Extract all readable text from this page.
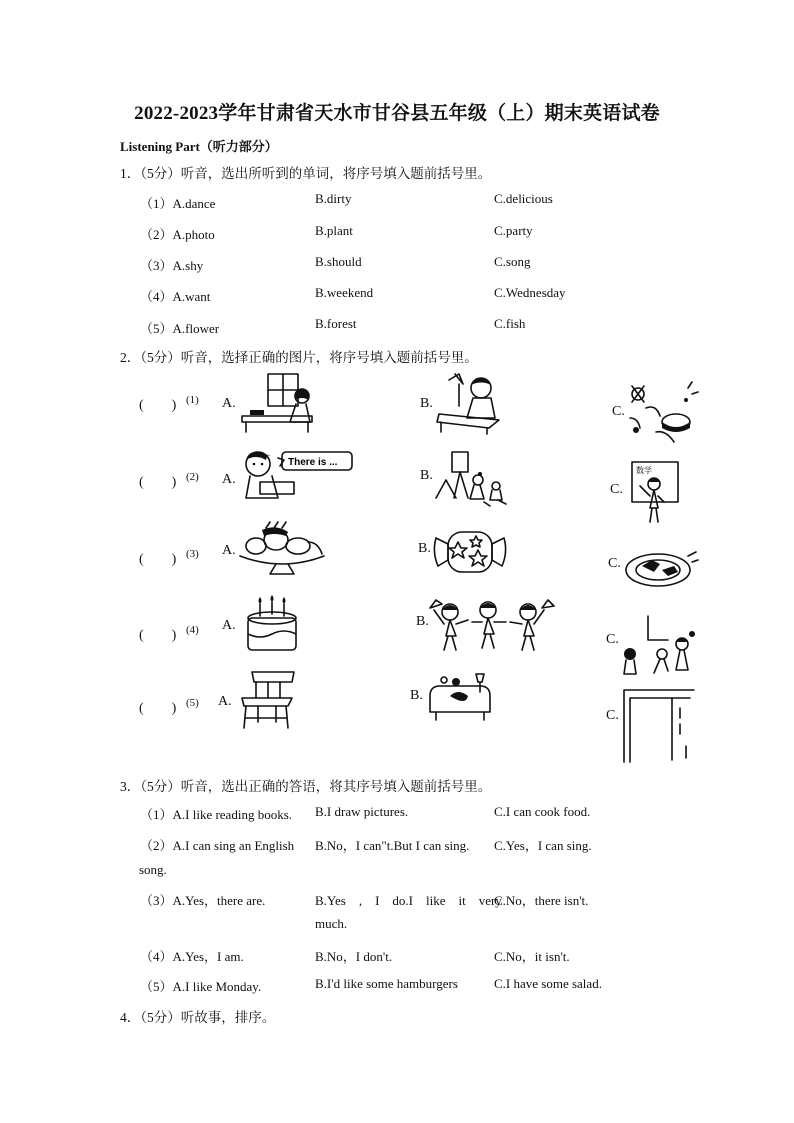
2022-2023学年甘肃省天水市甘谷县五年级（上）期末英语试卷
Listening Part（听力部分）
1．（5分）听音，选出所听到的单词，将序号填入题前括号里。
（1）A.dance	B.dirty	C.delicious
（2）A.photo	B.plant	C.party
（3）A.shy	B.should	C.song
（4）A.want	B.weekend	C.Wednesday
（5）A.flower	B.forest	C.fish
2．（5分）听音，选择正确的图片，将序号填入题前括号里。
(　　) (1) A.	B.
C.
(　　) (2) A.
There is ...
B.
C.
数学
(　　) (3) A.	B.
C.
(　　) (4) A.	B.
C.
(　　) (5) A.	B.
C.
3．（5分）听音，选出正确的答语，将其序号填入题前括号里。
（1）A.I like reading books. B.I draw pictures.	C.I can cook food.
（2）A.I can sing an English
song.
B.No，I can"t.But I can sing. C.Yes，I can sing.
（3）A.Yes，there are.	B.Yes　,　I　do.I　like　it　very
much.
C.No，there isn't.
（4）A.Yes，I am.	B.No，I don't.	C.No，it isn't.
（5）A.I like Monday.	B.I'd like some hamburgers	C.I have some salad.
4．（5分）听故事，排序。
